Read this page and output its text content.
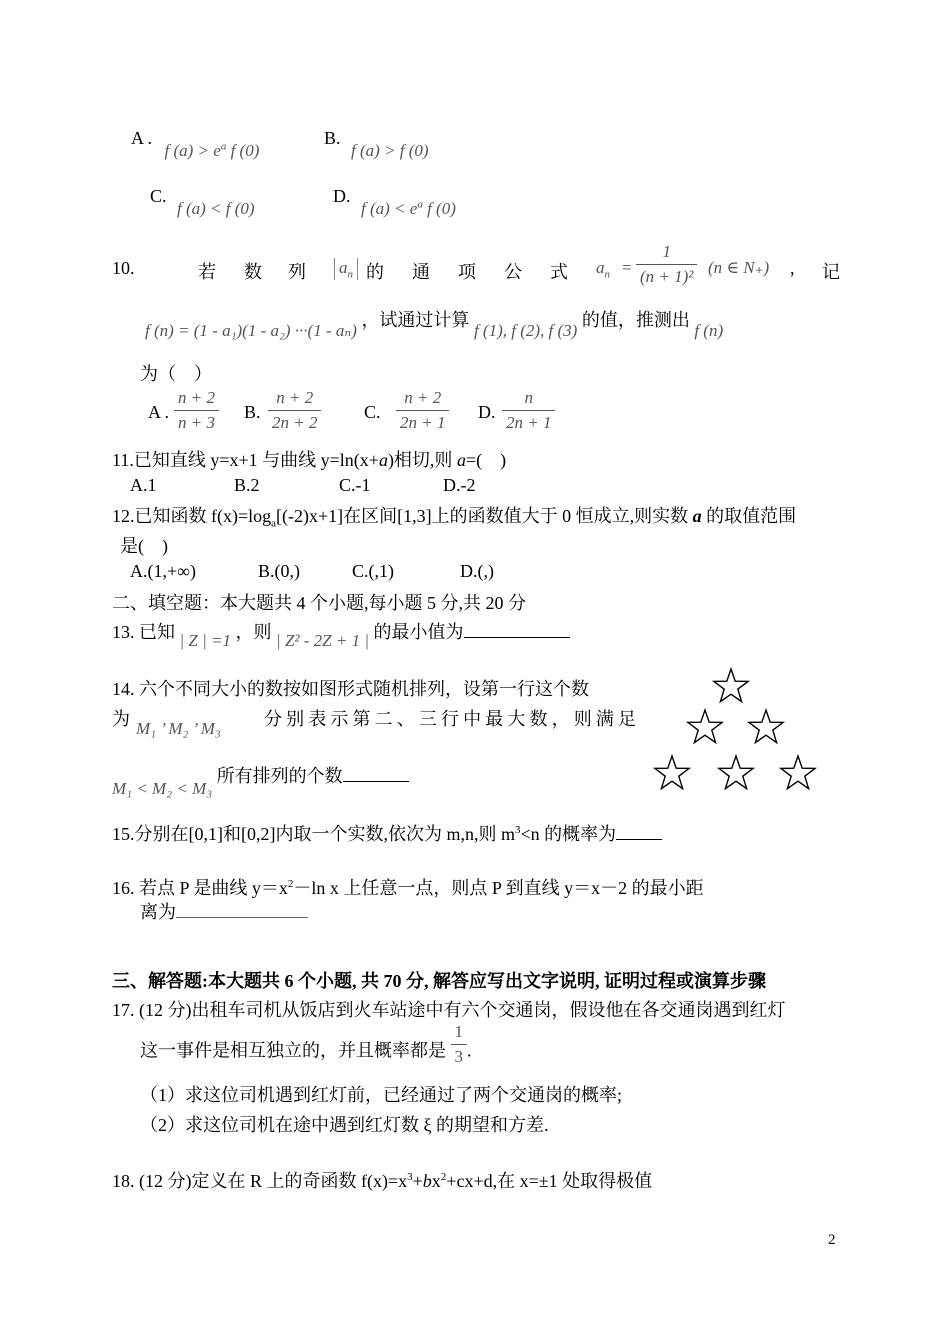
A . f $(a) > e^a$ f (0)
B. f (a) > f (0)
C. f (a) < f (0)
D. f $(a) < e^a$ f (0)
10.	若 数 列 $a_n$ 的 通 项 公 式 $a_n = \frac{1}{\text{(n + 1)²}} (n$ ∈ N₊) , 记
f (n) = (1 - a₁)(1 - a₂) ···(1 - aₙ) ，试通过计算 f (1), f (2), f (3) 的值，推测出 f (n)
为（　）
A . $\frac{n + 2}{n + 3} B$. $\frac{n + 2}{2n + 2} C$. $\frac{n + 2}{2n + 1} D$. $\frac{n}{2n + 1}$
11.已知直线 y=x+1 与曲线 y=ln(x+a)相切,则 a=(　)
A.1	B.2	C.-1	D.-2
12.已知函数 $f(x)=\log_a[(-2)x+1]$在区间[1,3]上的函数值大于 0 恒成立,则实数 a 的取值范围
是(　)
A.(1,+∞)	B.(0,)	C.(,1)	D.(,)
二、填空题：本大题共 4 个小题,每小题 5 分,共 20 分
13. 已知 | Z | =1 ，则 | Z² - 2Z + 1 | 的最小值为
14. 六个不同大小的数按如图形式随机排列，设第一行这个数
为 M₁ ’ M₂ ’ M₃ 分 别 表 示 第 二 、 三 行 中 最 大 数 ， 则 满 足
M₁ < M₂ < M₃ 所有排列的个数
15.分别在[0,1]和[0,2]内取一个实数,依次为 m,n,则 $m^3<n$ 的概率为
16. 若点 P 是曲线 $y=x^2-\ln$ x 上任意一点，则点 P 到直线 y＝x－2 的最小距
离为
三、解答题:本大题共 6 个小题, 共 70 分, 解答应写出文字说明, 证明过程或演算步骤
17. (12 分)出租车司机从饭店到火车站途中有六个交通岗，假设他在各交通岗遇到红灯
这一事件是相互独立的，并且概率都是 $\frac{1}{3}$ .
（1）求这位司机遇到红灯前，已经通过了两个交通岗的概率;
（2）求这位司机在途中遇到红灯数 ξ 的期望和方差.
18. (12 分)定义在 R 上的奇函数 $f(x)=x^3+bx^2+cx+d$,在 x=±1 处取得极值
2
